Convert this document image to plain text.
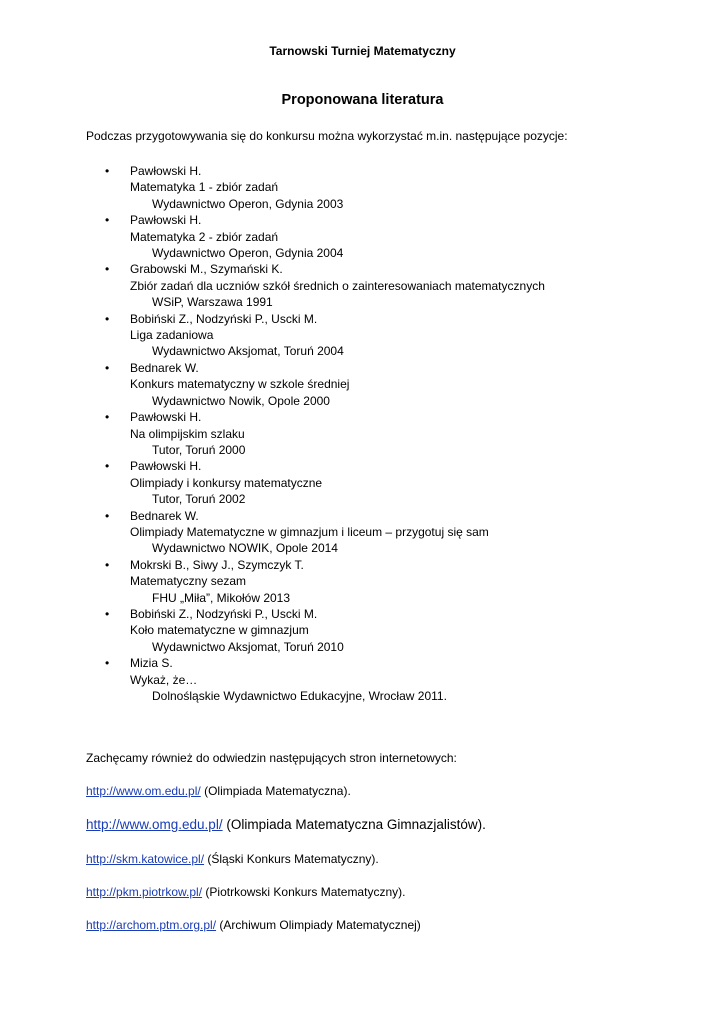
Tarnowski Turniej Matematyczny
Proponowana literatura
Podczas przygotowywania się do konkursu można wykorzystać m.in. następujące pozycje:
•	Pawłowski H.
Matematyka 1 - zbiór zadań
Wydawnictwo Operon, Gdynia 2003
•	Pawłowski H.
Matematyka 2 - zbiór zadań
Wydawnictwo Operon, Gdynia 2004
•	Grabowski M., Szymański K.
Zbiór zadań dla uczniów szkół średnich o zainteresowaniach matematycznych
WSiP, Warszawa 1991
•	Bobiński Z., Nodzyński P., Uscki M.
Liga zadaniowa
Wydawnictwo Aksjomat, Toruń 2004
•	Bednarek W.
Konkurs matematyczny w szkole średniej
Wydawnictwo Nowik, Opole 2000
•	Pawłowski H.
Na olimpijskim szlaku
Tutor, Toruń 2000
•	Pawłowski H.
Olimpiady i konkursy matematyczne
Tutor, Toruń 2002
•	Bednarek W.
Olimpiady Matematyczne w gimnazjum i liceum – przygotuj się sam
Wydawnictwo NOWIK, Opole 2014
•	Mokrski B., Siwy J., Szymczyk T.
Matematyczny sezam
FHU „Miła”, Mikołów 2013
•	Bobiński Z., Nodzyński P., Uscki M.
Koło matematyczne w gimnazjum
Wydawnictwo Aksjomat, Toruń 2010
•	Mizia S.
Wykaż, że…
Dolnośląskie Wydawnictwo Edukacyjne, Wrocław 2011.
Zachęcamy również do odwiedzin następujących stron internetowych:
http://www.om.edu.pl/ (Olimpiada Matematyczna).
http://www.omg.edu.pl/ (Olimpiada Matematyczna Gimnazjalistów).
http://skm.katowice.pl/ (Śląski Konkurs Matematyczny).
http://pkm.piotrkow.pl/ (Piotrkowski Konkurs Matematyczny).
http://archom.ptm.org.pl/ (Archiwum Olimpiady Matematycznej)
